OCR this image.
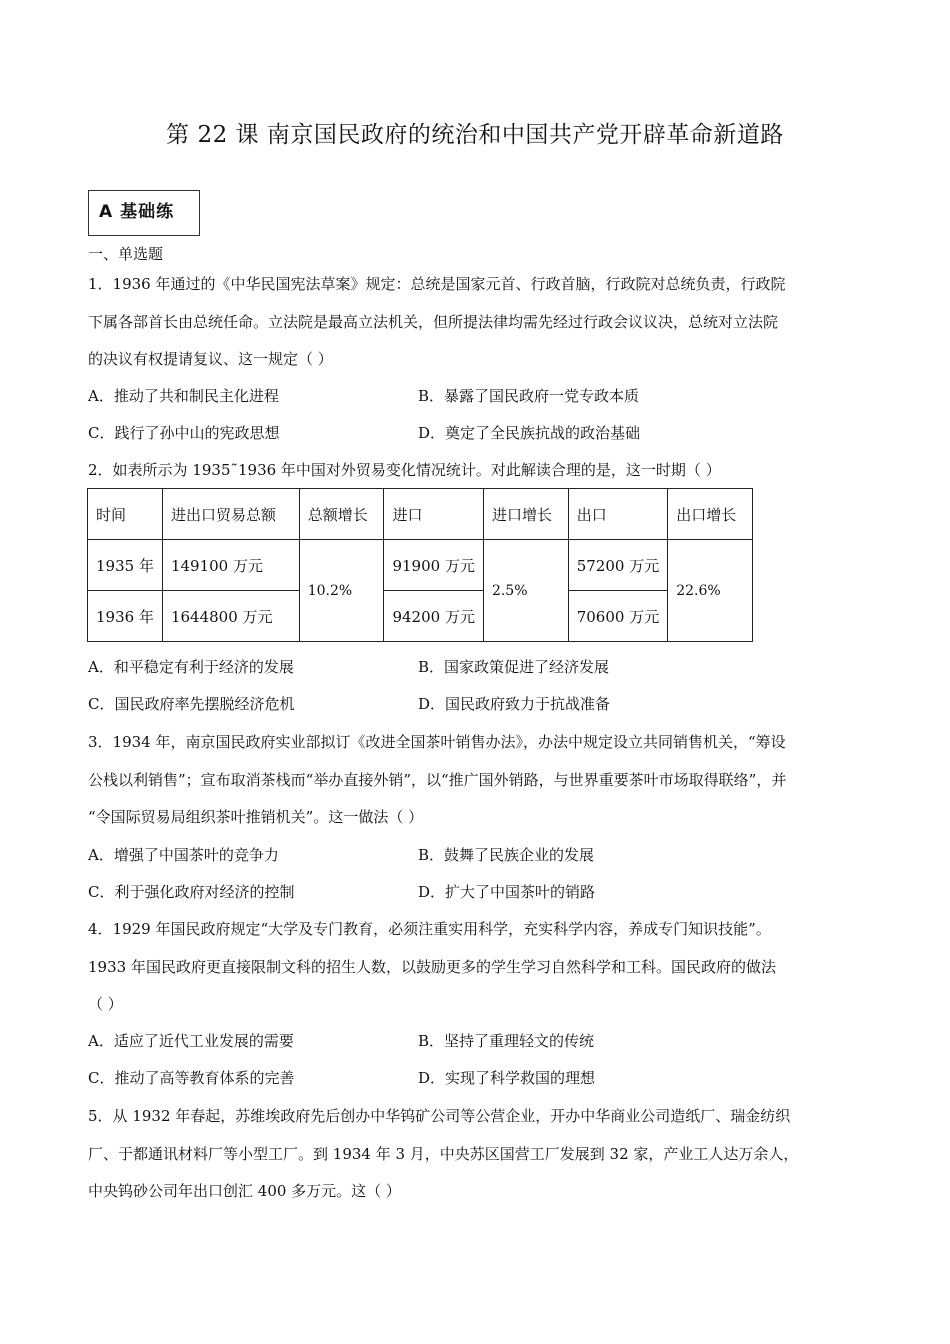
第 22 课 南京国民政府的统治和中国共产党开辟革命新道路
A 基础练
一、单选题
1．1936 年通过的《中华民国宪法草案》规定：总统是国家元首、行政首脑，行政院对总统负责，行政院
下属各部首长由总统任命。立法院是最高立法机关，但所提法律均需先经过行政会议议决，总统对立法院
的决议有权提请复议、这一规定（ ）
A．推动了共和制民主化进程	B．暴露了国民政府一党专政本质
C．践行了孙中山的宪政思想	D．奠定了全民族抗战的政治基础
2．如表所示为 1935˜1936 年中国对外贸易变化情况统计。对此解读合理的是，这一时期（ ）
时间	进出口贸易总额	总额增长	进口	进口增长	出口	出口增长
1935 年	149100 万元	10.2%	91900 万元	2.5%	57200 万元	22.6%
1936 年	1644800 万元		94200 万元		70600 万元	
A．和平稳定有利于经济的发展	B．国家政策促进了经济发展
C．国民政府率先摆脱经济危机	D．国民政府致力于抗战准备
3．1934 年，南京国民政府实业部拟订《改进全国茶叶销售办法》，办法中规定设立共同销售机关，“筹设
公栈以利销售”；宣布取消茶栈而“举办直接外销”，以“推广国外销路，与世界重要茶叶市场取得联络”，并
“令国际贸易局组织茶叶推销机关”。这一做法（ ）
A．增强了中国茶叶的竞争力	B．鼓舞了民族企业的发展
C．利于强化政府对经济的控制	D．扩大了中国茶叶的销路
4．1929 年国民政府规定“大学及专门教育，必须注重实用科学，充实科学内容，养成专门知识技能”。
1933 年国民政府更直接限制文科的招生人数，以鼓励更多的学生学习自然科学和工科。国民政府的做法
（ ）
A．适应了近代工业发展的需要	B．坚持了重理轻文的传统
C．推动了高等教育体系的完善	D．实现了科学救国的理想
5．从 1932 年春起，苏维埃政府先后创办中华钨矿公司等公营企业，开办中华商业公司造纸厂、瑞金纺织
厂、于都通讯材料厂等小型工厂。到 1934 年 3 月，中央苏区国营工厂发展到 32 家，产业工人达万余人，
中央钨砂公司年出口创汇 400 多万元。这（ ）
